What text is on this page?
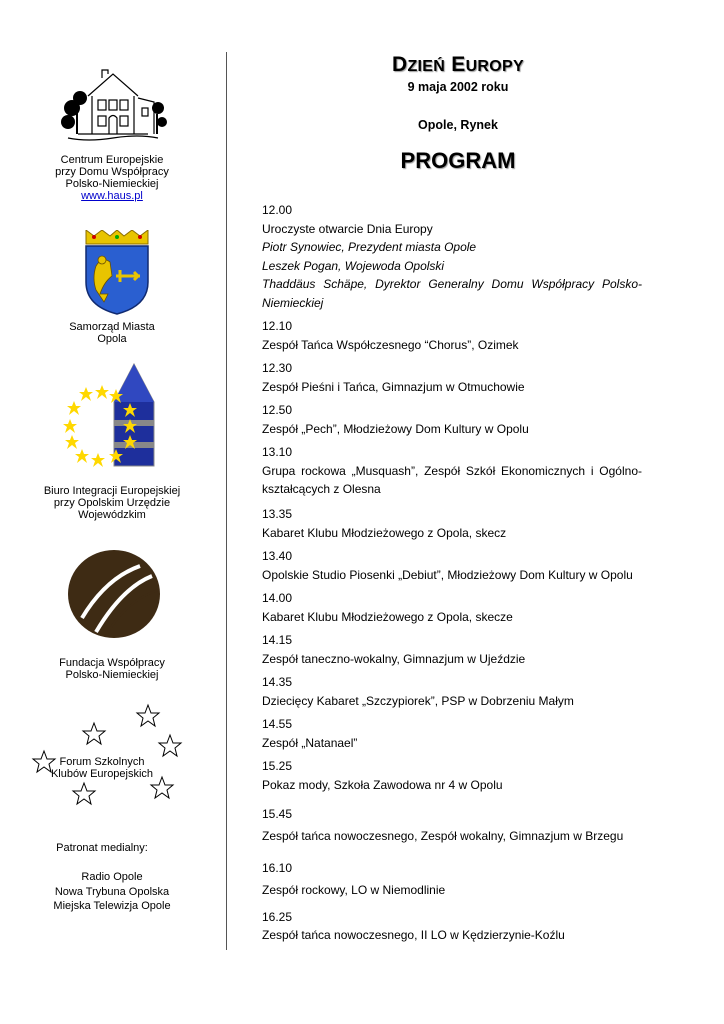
Centrum Europejskie
przy Domu Współpracy
Polsko-Niemieckiej
www.haus.pl
Samorząd Miasta
Opola
Biuro Integracji Europejskiej
przy Opolskim Urzędzie
Wojewódzkim
Fundacja Współpracy
Polsko-Niemieckiej
Forum Szkolnych
Klubów Europejskich
Patronat medialny:
Radio Opole
Nowa Trybuna Opolska
Miejska Telewizja Opole
DZIEŃ EUROPY
9 maja 2002 roku
Opole, Rynek
PROGRAM
12.00
Uroczyste otwarcie Dnia Europy
Piotr Synowiec, Prezydent miasta Opole
Leszek Pogan, Wojewoda Opolski
Thaddäus Schäpe, Dyrektor Generalny Domu Współpracy Polsko-Niemieckiej
12.10
Zespół Tańca Współczesnego “Chorus”, Ozimek
12.30
Zespół Pieśni i Tańca, Gimnazjum w Otmuchowie
12.50
Zespół „Pech”, Młodzieżowy Dom Kultury w Opolu
13.10
Grupa rockowa „Musquash”, Zespół Szkół Ekonomicznych i Ogólno-kształcących z Olesna
13.35
Kabaret Klubu Młodzieżowego z Opola, skecz
13.40
Opolskie Studio Piosenki „Debiut”, Młodzieżowy Dom Kultury w Opolu
14.00
Kabaret Klubu Młodzieżowego z Opola, skecze
14.15
Zespół taneczno-wokalny, Gimnazjum w Ujeździe
14.35
Dziecięcy Kabaret „Szczypiorek”, PSP w Dobrzeniu Małym
14.55
Zespół „Natanael”
15.25
Pokaz mody, Szkoła Zawodowa nr 4 w Opolu
15.45
Zespół tańca nowoczesnego, Zespół wokalny, Gimnazjum w Brzegu
16.10
Zespół rockowy, LO w Niemodlinie
16.25
Zespół tańca nowoczesnego, II LO w Kędzierzynie-Koźlu
